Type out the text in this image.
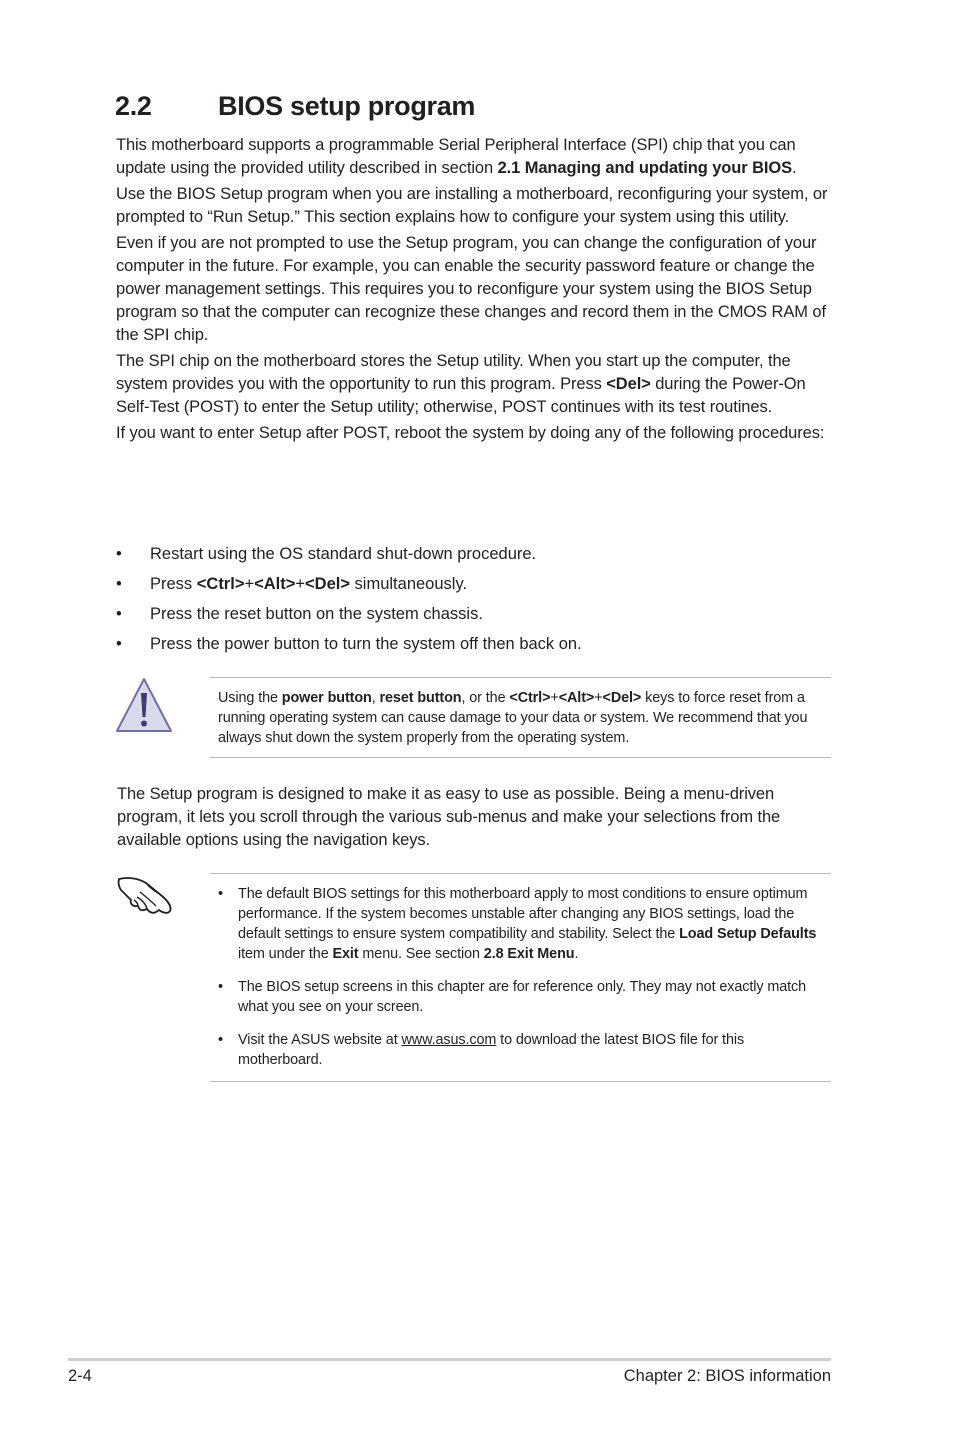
2.2 BIOS setup program

This motherboard supports a programmable Serial Peripheral Interface (SPI) chip that you can update using the provided utility described in section 2.1 Managing and updating your BIOS.

Use the BIOS Setup program when you are installing a motherboard, reconfiguring your system, or prompted to “Run Setup.” This section explains how to configure your system using this utility.

Even if you are not prompted to use the Setup program, you can change the configuration of your computer in the future. For example, you can enable the security password feature or change the power management settings. This requires you to reconfigure your system using the BIOS Setup program so that the computer can recognize these changes and record them in the CMOS RAM of the SPI chip.

The SPI chip on the motherboard stores the Setup utility. When you start up the computer, the system provides you with the opportunity to run this program. Press <Del> during the Power-On Self-Test (POST) to enter the Setup utility; otherwise, POST continues with its test routines.

If you want to enter Setup after POST, reboot the system by doing any of the following procedures:

• Restart using the OS standard shut-down procedure.
• Press <Ctrl>+<Alt>+<Del> simultaneously.
• Press the reset button on the system chassis.
• Press the power button to turn the system off then back on.
Using the power button, reset button, or the <Ctrl>+<Alt>+<Del> keys to force reset from a running operating system can cause damage to your data or system. We recommend that you always shut down the system properly from the operating system.
The Setup program is designed to make it as easy to use as possible. Being a menu-driven program, it lets you scroll through the various sub-menus and make your selections from the available options using the navigation keys.
• The default BIOS settings for this motherboard apply to most conditions to ensure optimum performance. If the system becomes unstable after changing any BIOS settings, load the default settings to ensure system compatibility and stability. Select the Load Setup Defaults item under the Exit menu. See section 2.8 Exit Menu.
• The BIOS setup screens in this chapter are for reference only. They may not exactly match what you see on your screen.
• Visit the ASUS website at www.asus.com to download the latest BIOS file for this motherboard.
2-4	Chapter 2: BIOS information
